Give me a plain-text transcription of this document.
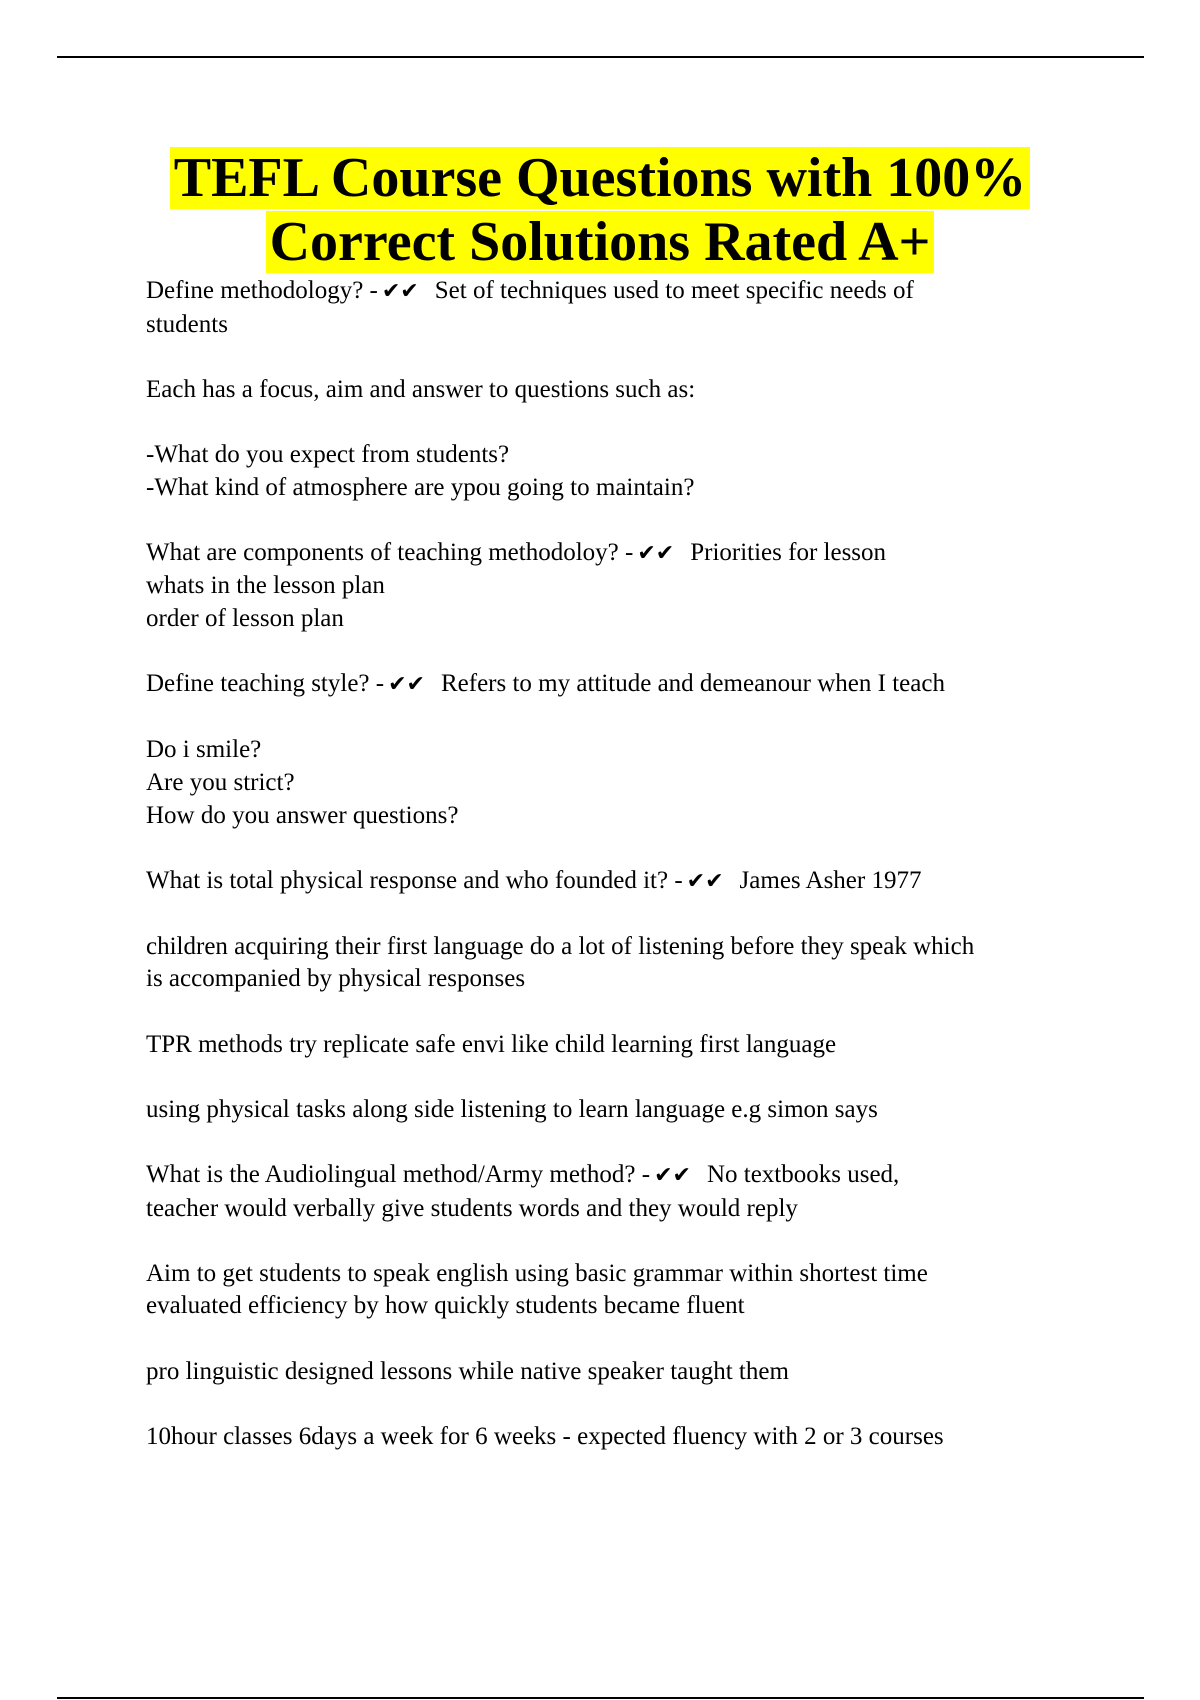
TEFL Course Questions with 100%
Correct Solutions Rated A+

Define methodology? - ✔✔ Set of techniques used to meet specific needs of
students

Each has a focus, aim and answer to questions such as:

-What do you expect from students?
-What kind of atmosphere are ypou going to maintain?

What are components of teaching methodoloy? - ✔✔ Priorities for lesson
whats in the lesson plan
order of lesson plan

Define teaching style? - ✔✔ Refers to my attitude and demeanour when I teach

Do i smile?
Are you strict?
How do you answer questions?

What is total physical response and who founded it? - ✔✔ James Asher 1977

children acquiring their first language do a lot of listening before they speak which
is accompanied by physical responses

TPR methods try replicate safe envi like child learning first language

using physical tasks along side listening to learn language e.g simon says

What is the Audiolingual method/Army method? - ✔✔ No textbooks used,
teacher would verbally give students words and they would reply

Aim to get students to speak english using basic grammar within shortest time
evaluated efficiency by how quickly students became fluent

pro linguistic designed lessons while native speaker taught them

10hour classes 6days a week for 6 weeks - expected fluency with 2 or 3 courses
